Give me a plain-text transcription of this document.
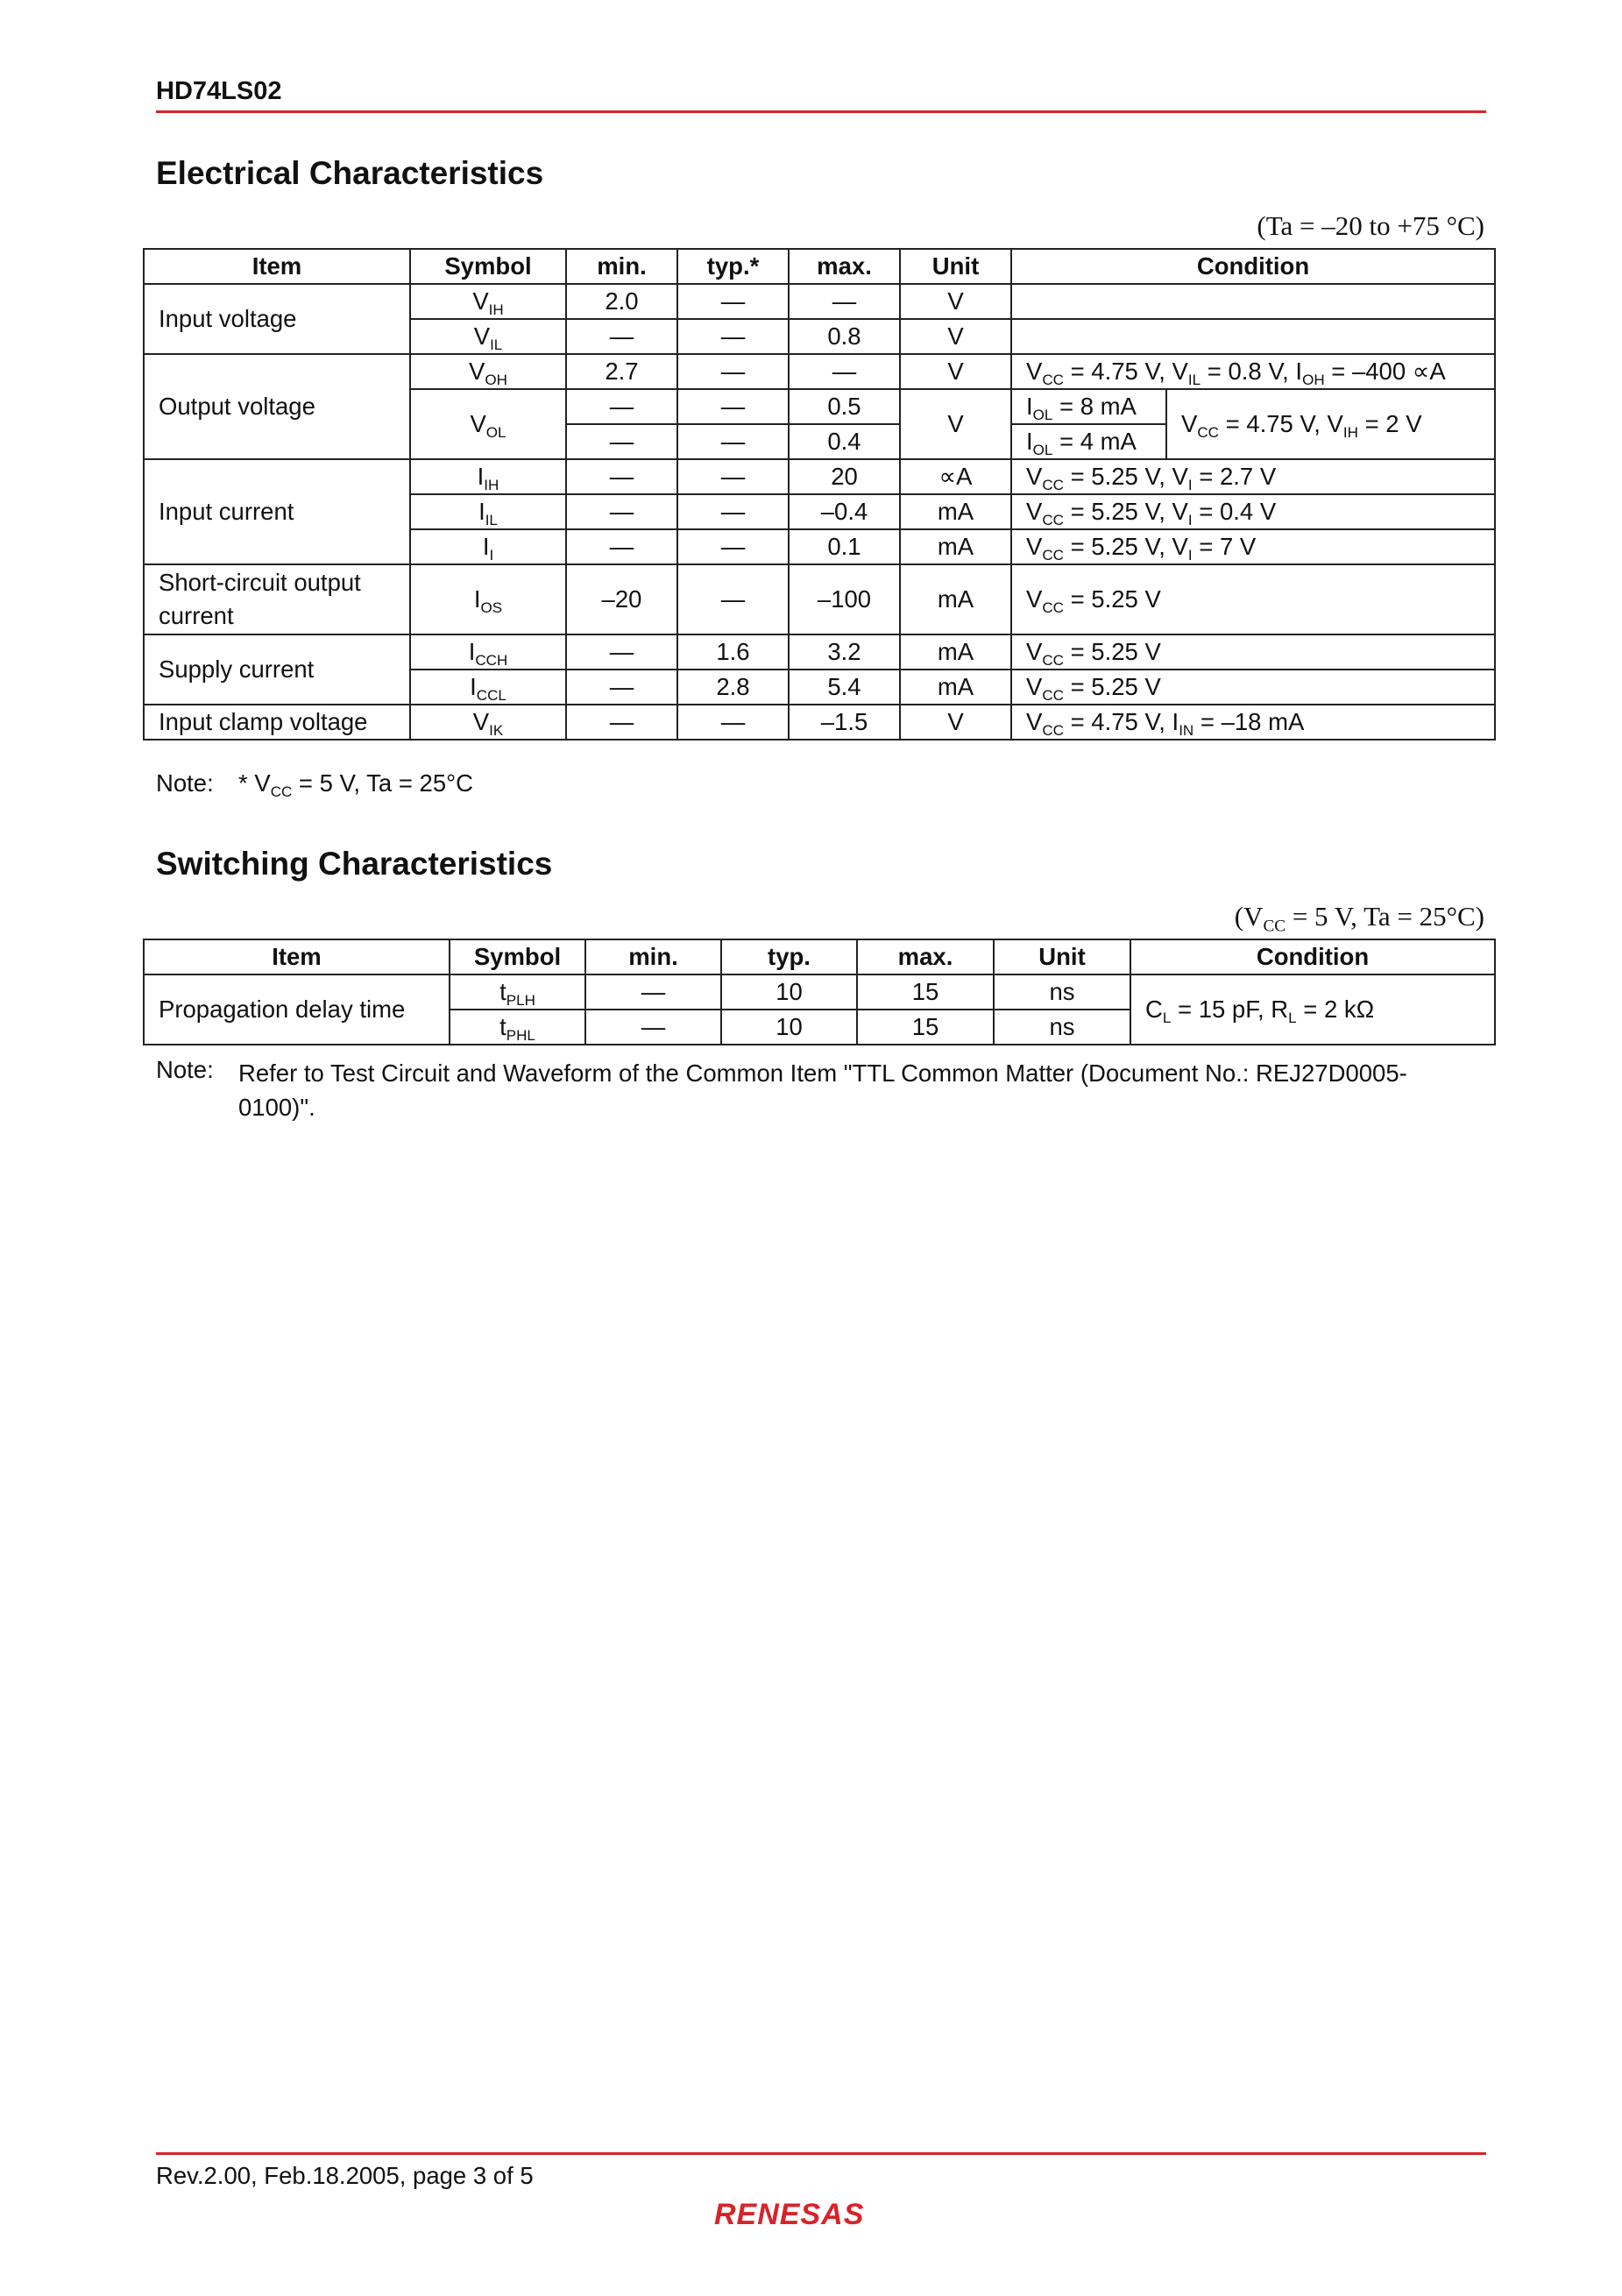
HD74LS02
Electrical Characteristics
(Ta = –20 to +75 °C)
Item	Symbol	min.	typ.*	max.	Unit	Condition	
Input voltage	$V_{IH}$	2.0	—	—	V		
	$V_{IL}$	—	—	0.8	V		
Output voltage	$V_{OH}$	2.7	—	—	V	$V_{CC} = 4.75$ V, $V_{IL} = 0.8$ V, $I_{OH} = -400 \propto A$	
	$V_{OL}$	—	—	0.5	V	$I_{OL} = 8$ mA	$V_{CC} = 4.75$ V, $V_{IH} = 2$ V
		—	—	0.4		$I_{OL} = 4$ mA	
Input current	$I_{IH}$	—	—	20	∝A	$V_{CC} = 5.25$ V, $V_I = 2.7$ V	
	$I_{IL}$	—	—	–0.4	mA	$V_{CC} = 5.25$ V, $V_I = 0.4$ V	
	$I_I$	—	—	0.1	mA	$V_{CC} = 5.25$ V, $V_I = 7$ V	
Short-circuit output
current	$I_{OS}$	–20	—	–100	mA	$V_{CC} = 5.25$ V	
Supply current	$I_{CCH}$	—	1.6	3.2	mA	$V_{CC} = 5.25$ V	
	$I_{CCL}$	—	2.8	5.4	mA	$V_{CC} = 5.25$ V	
Input clamp voltage	$V_{IK}$	—	—	–1.5	V	$V_{CC} = 4.75$ V, $I_{IN} = -18$ mA	
Note: * $V_{CC} = 5$ V, Ta = 25°C
Switching Characteristics
($V_{CC} = 5$ V, Ta = 25°C)
Item	Symbol	min.	typ.	max.	Unit	Condition
Propagation delay time	$t_{PLH}$	—	10	15	ns	$C_L = 15$ pF, $R_L = 2$ kΩ
	$t_{PHL}$	—	10	15	ns	
Note: Refer to Test Circuit and Waveform of the Common Item "TTL Common Matter (Document No.: REJ27D0005-
0100)".
Rev.2.00, Feb.18.2005, page 3 of 5
RENESAS
